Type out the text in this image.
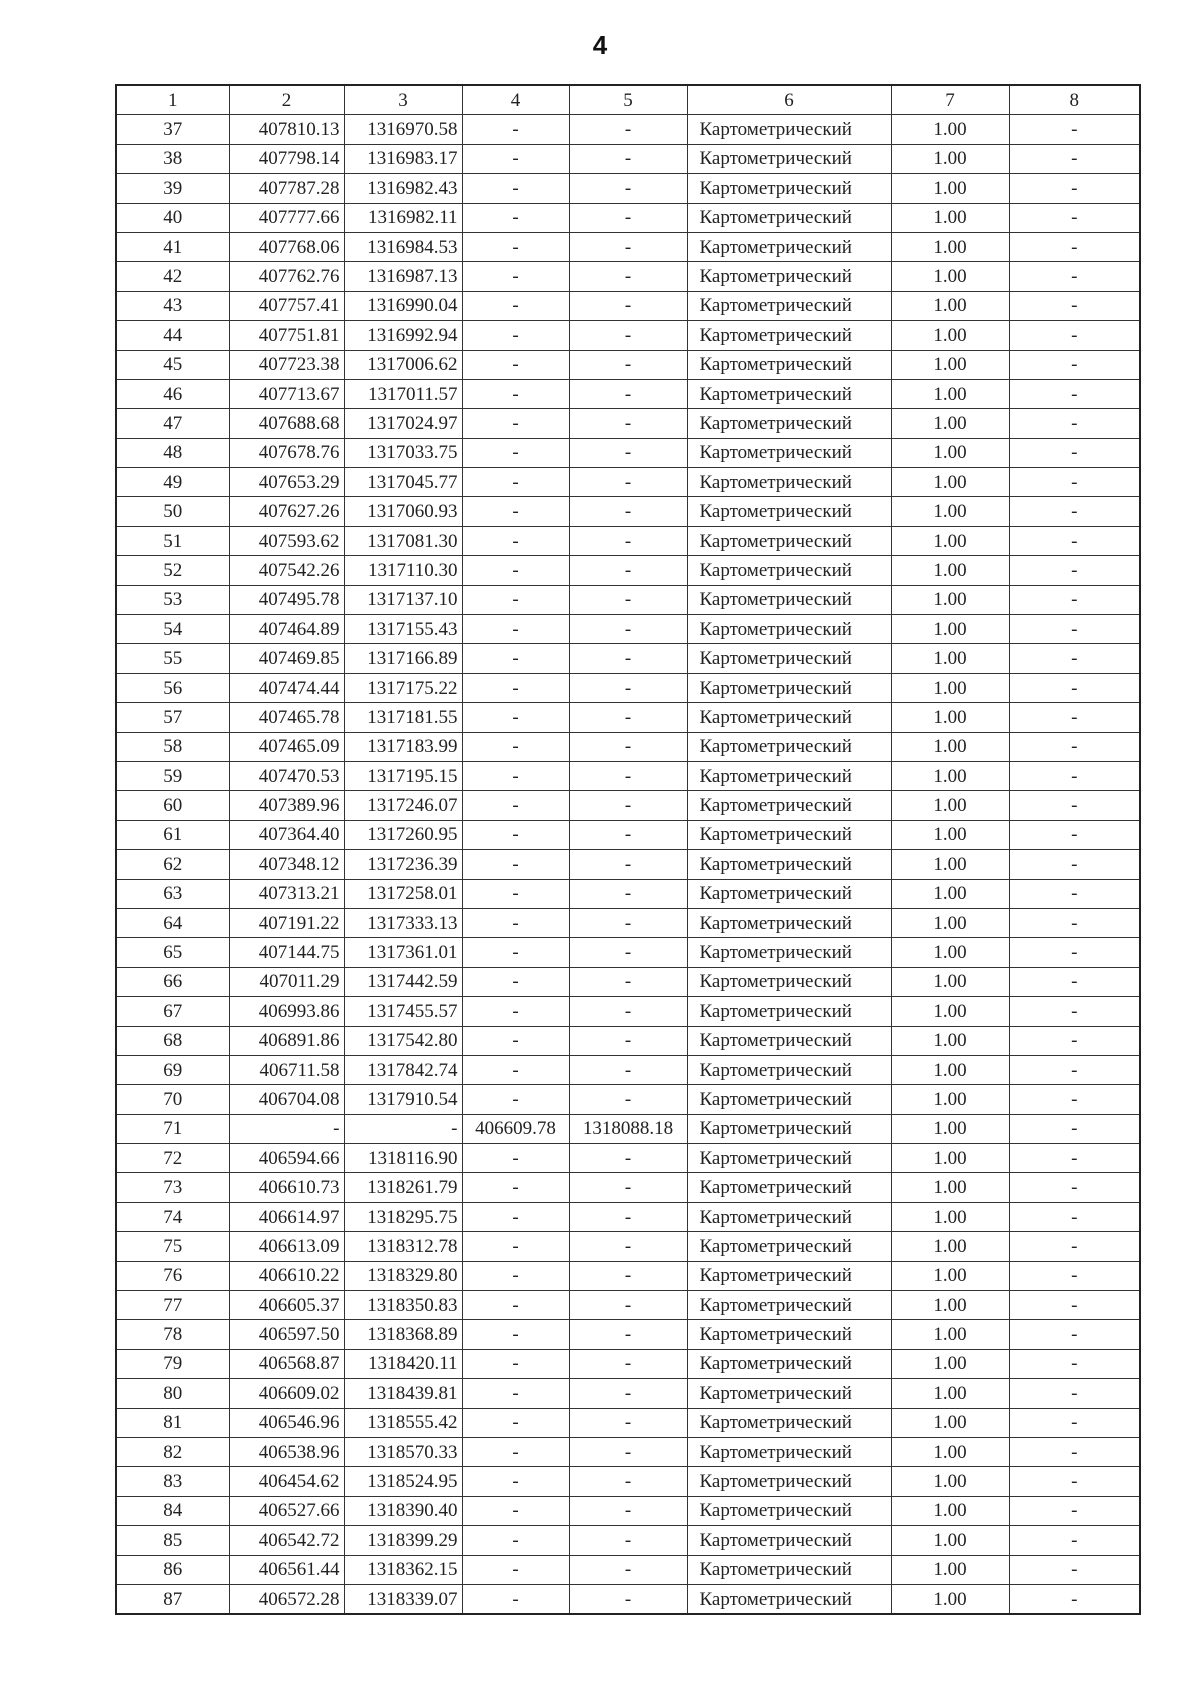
4
1	2	3	4	5	6	7	8
37	407810.13	1316970.58	-	-	Картометрический	1.00	-
38	407798.14	1316983.17	-	-	Картометрический	1.00	-
39	407787.28	1316982.43	-	-	Картометрический	1.00	-
40	407777.66	1316982.11	-	-	Картометрический	1.00	-
41	407768.06	1316984.53	-	-	Картометрический	1.00	-
42	407762.76	1316987.13	-	-	Картометрический	1.00	-
43	407757.41	1316990.04	-	-	Картометрический	1.00	-
44	407751.81	1316992.94	-	-	Картометрический	1.00	-
45	407723.38	1317006.62	-	-	Картометрический	1.00	-
46	407713.67	1317011.57	-	-	Картометрический	1.00	-
47	407688.68	1317024.97	-	-	Картометрический	1.00	-
48	407678.76	1317033.75	-	-	Картометрический	1.00	-
49	407653.29	1317045.77	-	-	Картометрический	1.00	-
50	407627.26	1317060.93	-	-	Картометрический	1.00	-
51	407593.62	1317081.30	-	-	Картометрический	1.00	-
52	407542.26	1317110.30	-	-	Картометрический	1.00	-
53	407495.78	1317137.10	-	-	Картометрический	1.00	-
54	407464.89	1317155.43	-	-	Картометрический	1.00	-
55	407469.85	1317166.89	-	-	Картометрический	1.00	-
56	407474.44	1317175.22	-	-	Картометрический	1.00	-
57	407465.78	1317181.55	-	-	Картометрический	1.00	-
58	407465.09	1317183.99	-	-	Картометрический	1.00	-
59	407470.53	1317195.15	-	-	Картометрический	1.00	-
60	407389.96	1317246.07	-	-	Картометрический	1.00	-
61	407364.40	1317260.95	-	-	Картометрический	1.00	-
62	407348.12	1317236.39	-	-	Картометрический	1.00	-
63	407313.21	1317258.01	-	-	Картометрический	1.00	-
64	407191.22	1317333.13	-	-	Картометрический	1.00	-
65	407144.75	1317361.01	-	-	Картометрический	1.00	-
66	407011.29	1317442.59	-	-	Картометрический	1.00	-
67	406993.86	1317455.57	-	-	Картометрический	1.00	-
68	406891.86	1317542.80	-	-	Картометрический	1.00	-
69	406711.58	1317842.74	-	-	Картометрический	1.00	-
70	406704.08	1317910.54	-	-	Картометрический	1.00	-
71	-	-	406609.78	1318088.18	Картометрический	1.00	-
72	406594.66	1318116.90	-	-	Картометрический	1.00	-
73	406610.73	1318261.79	-	-	Картометрический	1.00	-
74	406614.97	1318295.75	-	-	Картометрический	1.00	-
75	406613.09	1318312.78	-	-	Картометрический	1.00	-
76	406610.22	1318329.80	-	-	Картометрический	1.00	-
77	406605.37	1318350.83	-	-	Картометрический	1.00	-
78	406597.50	1318368.89	-	-	Картометрический	1.00	-
79	406568.87	1318420.11	-	-	Картометрический	1.00	-
80	406609.02	1318439.81	-	-	Картометрический	1.00	-
81	406546.96	1318555.42	-	-	Картометрический	1.00	-
82	406538.96	1318570.33	-	-	Картометрический	1.00	-
83	406454.62	1318524.95	-	-	Картометрический	1.00	-
84	406527.66	1318390.40	-	-	Картометрический	1.00	-
85	406542.72	1318399.29	-	-	Картометрический	1.00	-
86	406561.44	1318362.15	-	-	Картометрический	1.00	-
87	406572.28	1318339.07	-	-	Картометрический	1.00	-
